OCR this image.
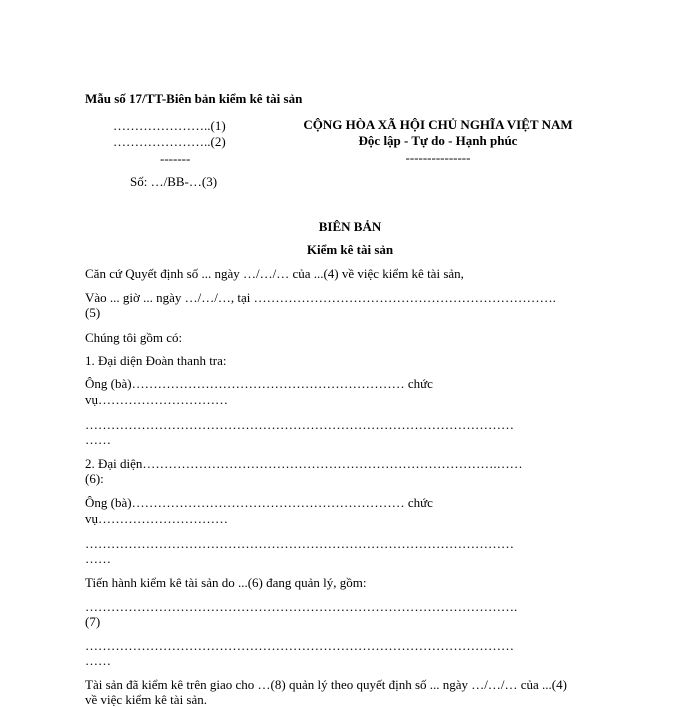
Mẫu số 17/TT-Biên bản kiểm kê tài sản
…………………..(1)
…………………..(2)
-------
Số: …/BB-…(3)
CỘNG HÒA XÃ HỘI CHỦ NGHĨA VIỆT NAM
Độc lập - Tự do - Hạnh phúc
---------------
BIÊN BẢN
Kiểm kê tài sản
Căn cứ Quyết định số ... ngày …/…/… của ...(4) về việc kiểm kê tài sản,
Vào ... giờ ... ngày …/…/…, tại …………………………………………………………….
(5)
Chúng tôi gồm có:
1. Đại diện Đoàn thanh tra:
Ông (bà)……………………………………………………… chức
vụ…………………………
………………………………………………………………………………………
……
2. Đại diện……………………………………………………………………….……
(6):
Ông (bà)……………………………………………………… chức
vụ…………………………
………………………………………………………………………………………
……
Tiến hành kiểm kê tài sản do ...(6) đang quản lý, gồm:
……………………………………………………………………………………….
(7)
………………………………………………………………………………………
……
Tài sản đã kiểm kê trên giao cho …(8) quản lý theo quyết định số ... ngày …/…/… của ...(4)
về việc kiểm kê tài sản.
